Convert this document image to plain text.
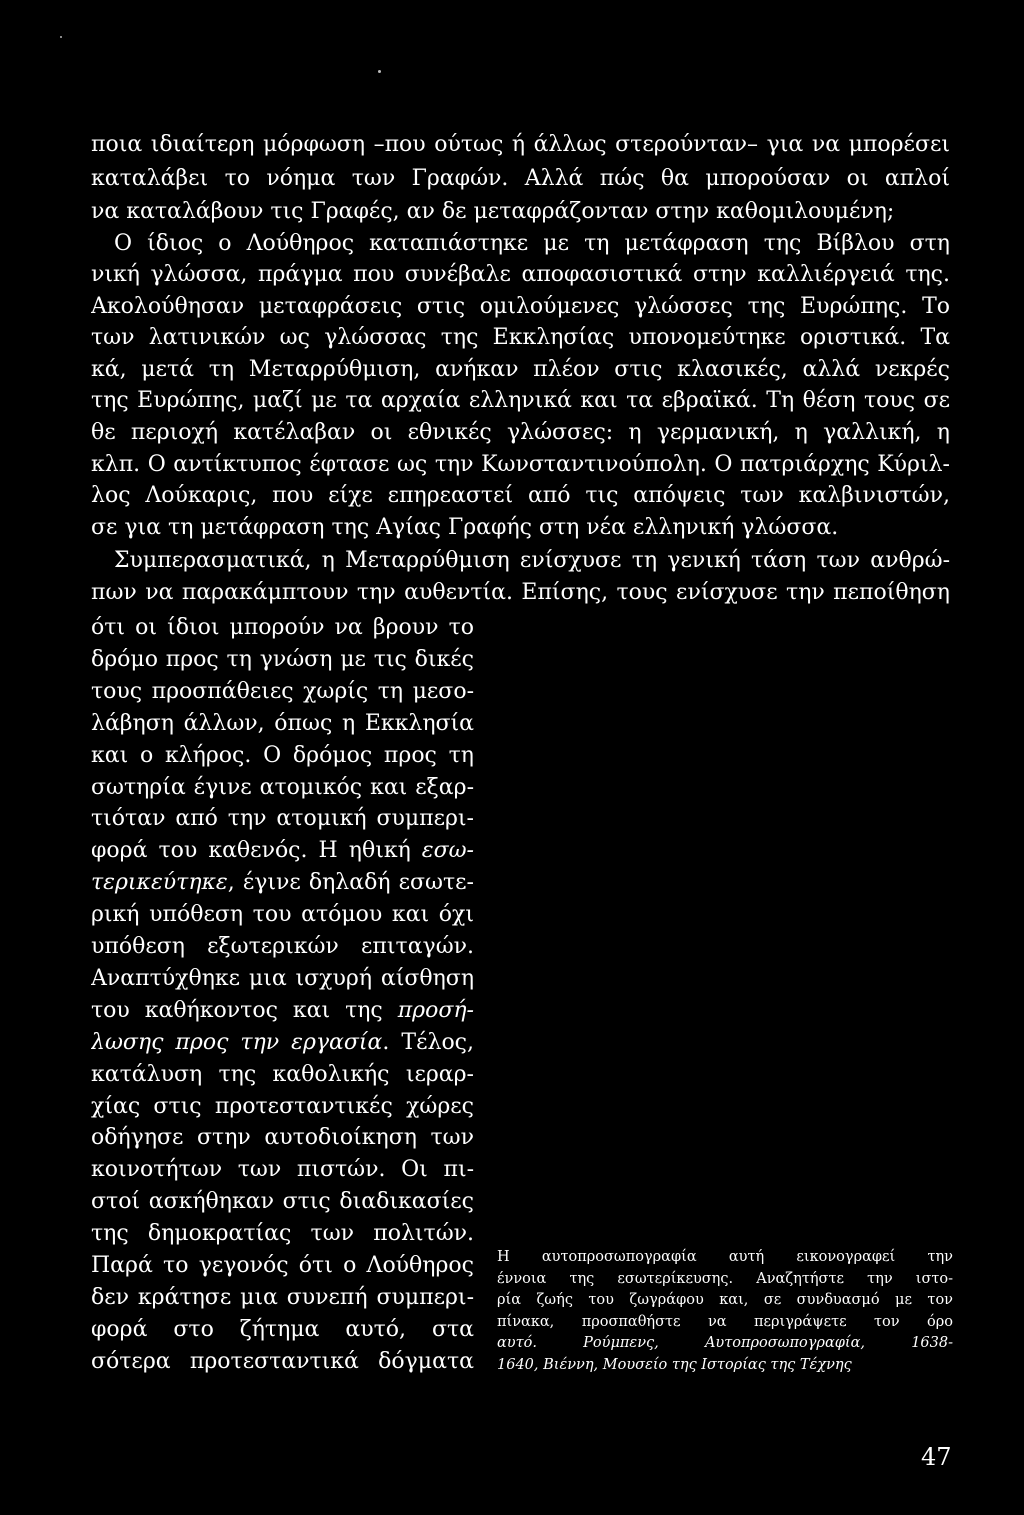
ποια ιδιαίτερη μόρφωση –που ούτως ή άλλως στερούνταν– για να μπορέσει
καταλάβει το νόημα των Γραφών. Αλλά πώς θα μπορούσαν οι απλοί
να καταλάβουν τις Γραφές, αν δε μεταφράζονταν στην καθομιλουμένη;
Ο ίδιος ο Λούθηρος καταπιάστηκε με τη μετάφραση της Βίβλου στη
νική γλώσσα, πράγμα που συνέβαλε αποφασιστικά στην καλλιέργειά της.
Ακολούθησαν μεταφράσεις στις ομιλούμενες γλώσσες της Ευρώπης. Το
των λατινικών ως γλώσσας της Εκκλησίας υπονομεύτηκε οριστικά. Τα
κά, μετά τη Μεταρρύθμιση, ανήκαν πλέον στις κλασικές, αλλά νεκρές
της Ευρώπης, μαζί με τα αρχαία ελληνικά και τα εβραϊκά. Τη θέση τους σε
θε περιοχή κατέλαβαν οι εθνικές γλώσσες: η γερμανική, η γαλλική, η
κλπ. Ο αντίκτυπος έφτασε ως την Κωνσταντινούπολη. Ο πατριάρχης Κύριλ-
λος Λούκαρις, που είχε επηρεαστεί από τις απόψεις των καλβινιστών,
σε για τη μετάφραση της Αγίας Γραφής στη νέα ελληνική γλώσσα.
Συμπερασματικά, η Μεταρρύθμιση ενίσχυσε τη γενική τάση των ανθρώ-
πων να παρακάμπτουν την αυθεντία. Επίσης, τους ενίσχυσε την πεποίθηση
ότι οι ίδιοι μπορούν να βρουν το
δρόμο προς τη γνώση με τις δικές
τους προσπάθειες χωρίς τη μεσο-
λάβηση άλλων, όπως η Εκκλησία
και ο κλήρος. Ο δρόμος προς τη
σωτηρία έγινε ατομικός και εξαρ-
τιόταν από την ατομική συμπερι-
φορά του καθενός. Η ηθική εσω-
τερικεύτηκε, έγινε δηλαδή εσωτε-
ρική υπόθεση του ατόμου και όχι
υπόθεση εξωτερικών επιταγών.
Αναπτύχθηκε μια ισχυρή αίσθηση
του καθήκοντος και της προσή-
λωσης προς την εργασία. Τέλος,
κατάλυση της καθολικής ιεραρ-
χίας στις προτεσταντικές χώρες
οδήγησε στην αυτοδιοίκηση των
κοινοτήτων των πιστών. Οι πι-
στοί ασκήθηκαν στις διαδικασίες
της δημοκρατίας των πολιτών.
Παρά το γεγονός ότι ο Λούθηρος
δεν κράτησε μια συνεπή συμπερι-
φορά στο ζήτημα αυτό, στα
σότερα προτεσταντικά δόγματα
Η αυτοπροσωπογραφία αυτή εικονογραφεί την
έννοια της εσωτερίκευσης. Αναζητήστε την ιστο-
ρία ζωής του ζωγράφου και, σε συνδυασμό με τον
πίνακα, προσπαθήστε να περιγράψετε τον όρο
αυτό. Ρούμπενς, Αυτοπροσωπογραφία, 1638-
1640, Βιέννη, Μουσείο της Ιστορίας της Τέχνης
47
